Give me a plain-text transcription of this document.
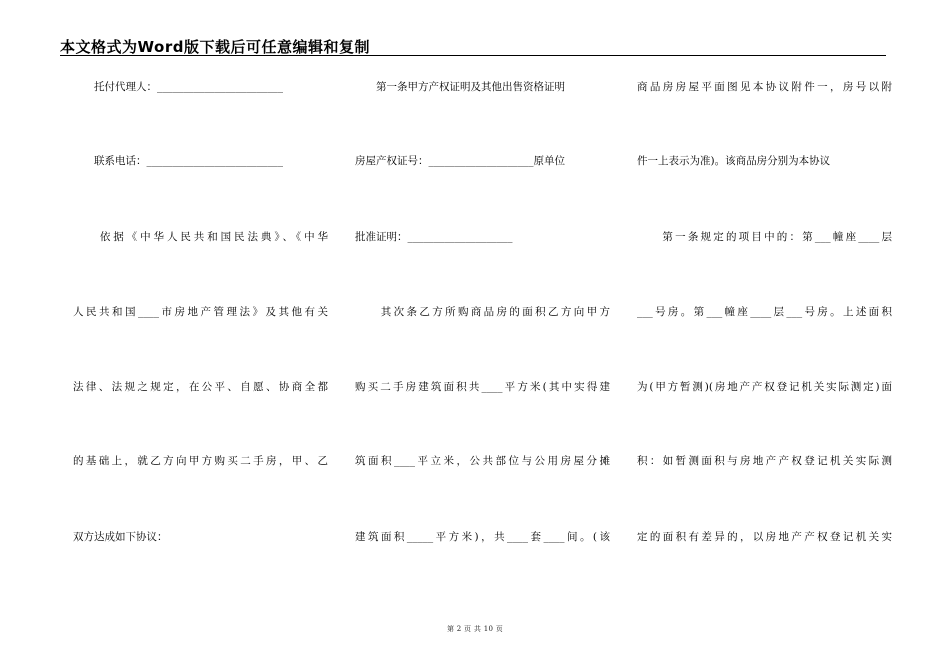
本文格式为Word版下载后可任意编辑和复制
　　托付代理人：________________________
　　联系电话：__________________________
　　依据《中华人民共和国民法典》、《中华
人民共和国____市房地产管理法》及其他有关
法律、法规之规定，在公平、自愿、协商全都
的基础上，就乙方向甲方购买二手房，甲、乙
双方达成如下协议：
　　第一条甲方产权证明及其他出售资格证明
房屋产权证号：____________________原单位
批准证明：____________________
　　其次条乙方所购商品房的面积乙方向甲方
购买二手房建筑面积共____平方米(其中实得建
筑面积____平立米，公共部位与公用房屋分摊
建筑面积_____平方米)，共____套____间。(该
商品房房屋平面图见本协议附件一，房号以附
件一上表示为准)。该商品房分别为本协议
　　第一条规定的项目中的：第___幢座____层
___号房。第___幢座____层___号房。上述面积
为(甲方暂测)(房地产产权登记机关实际测定)面
积：如暂测面积与房地产产权登记机关实际测
定的面积有差异的，以房地产产权登记机关实
第 2 页 共 10 页
